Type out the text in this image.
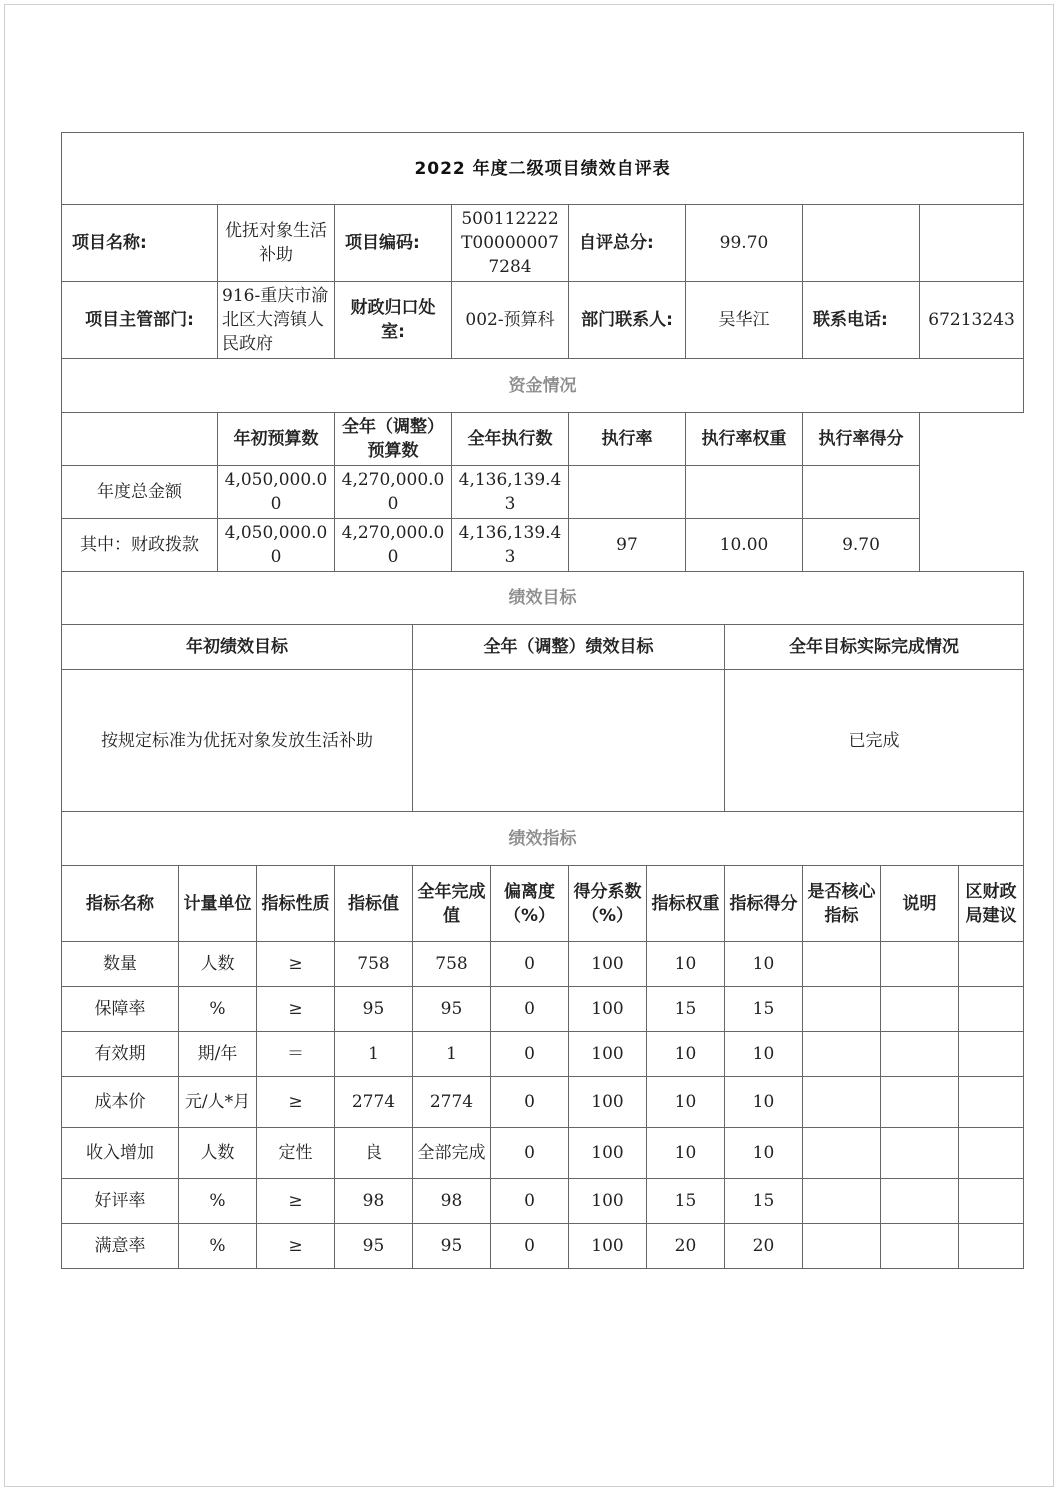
2022 年度二级项目绩效自评表															
项目名称:		优抚对象生活补助		项目编码:		500112222T000000077284		自评总分:		99.70					
项目主管部门:		916-重庆市渝北区大湾镇人民政府		财政归口处室:		002-预算科		部门联系人:		吴华江		联系电话:		67213243	
资金情况															
		年初预算数		全年（调整）预算数		全年执行数		执行率		执行率权重		执行率得分			
年度总金额		4,050,000.00		4,270,000.00		4,136,139.43									
其中：财政拨款		4,050,000.00		4,270,000.00		4,136,139.43		97		10.00		9.70			
绩效目标															
年初绩效目标					全年（调整）绩效目标						全年目标实际完成情况				
按规定标准为优抚对象发放生活补助											已完成				
绩效指标															
指标名称	计量单位		指标性质	指标值	全年完成值		偏离度（%）	得分系数（%）	指标权重		指标得分	是否核心指标	说明		区财政局建议
数量	人数		≥	758	758		0	100	10		10				
保障率	%		≥	95	95		0	100	15		15				
有效期	期/年		＝	1	1		0	100	10		10				
成本价	元/人*月		≥	2774	2774		0	100	10		10				
收入增加	人数		定性	良	全部完成		0	100	10		10				
好评率	%		≥	98	98		0	100	15		15				
满意率	%		≥	95	95		0	100	20		20				
